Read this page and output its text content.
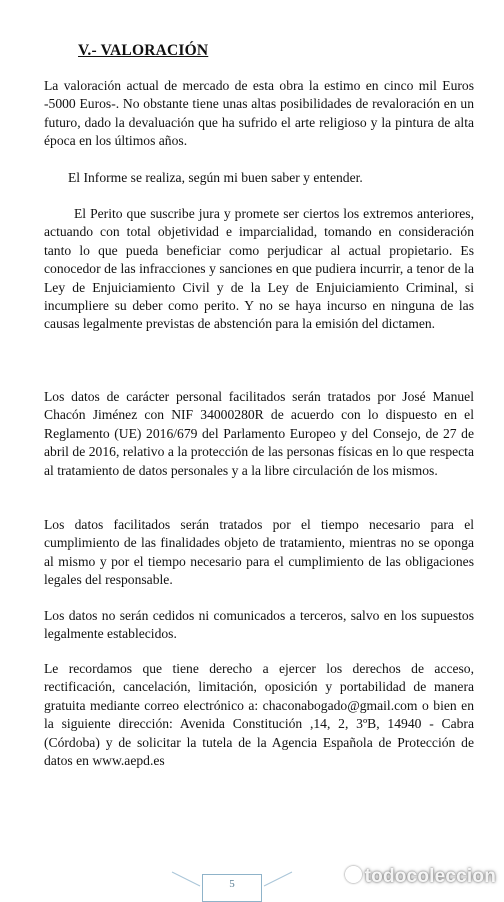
V.- VALORACIÓN
La valoración actual de mercado de esta obra la estimo en cinco mil Euros -5000 Euros-. No obstante tiene unas altas posibilidades de revaloración en un futuro, dado la devaluación que ha sufrido el arte religioso y la pintura de alta época en los últimos años.
El Informe se realiza, según mi buen saber y entender.
El Perito que suscribe jura y promete ser ciertos los extremos anteriores, actuando con total objetividad e imparcialidad, tomando en consideración tanto lo que pueda beneficiar como perjudicar al actual propietario. Es conocedor de las infracciones y sanciones en que pudiera incurrir, a tenor de la Ley de Enjuiciamiento Civil y de la Ley de Enjuiciamiento Criminal, si incumpliere su deber como perito. Y no se haya incurso en ninguna de las causas legalmente previstas de abstención para la emisión del dictamen.
Los datos de carácter personal facilitados serán tratados por José Manuel Chacón Jiménez con NIF 34000280R de acuerdo con lo dispuesto en el Reglamento (UE) 2016/679 del Parlamento Europeo y del Consejo, de 27 de abril de 2016, relativo a la protección de las personas físicas en lo que respecta al tratamiento de datos personales y a la libre circulación de los mismos.
Los datos facilitados serán tratados por el tiempo necesario para el cumplimiento de las finalidades objeto de tratamiento, mientras no se oponga al mismo y por el tiempo necesario para el cumplimiento de las obligaciones legales del responsable.
Los datos no serán cedidos ni comunicados a terceros, salvo en los supuestos legalmente establecidos.
Le recordamos que tiene derecho a ejercer los derechos de acceso, rectificación, cancelación, limitación, oposición y portabilidad de manera gratuita mediante correo electrónico a: chaconabogado@gmail.com o bien en la siguiente dirección: Avenida Constitución ,14, 2, 3ºB, 14940 - Cabra (Córdoba) y de solicitar la tutela de la Agencia Española de Protección de datos en www.aepd.es
5	todocoleccion
